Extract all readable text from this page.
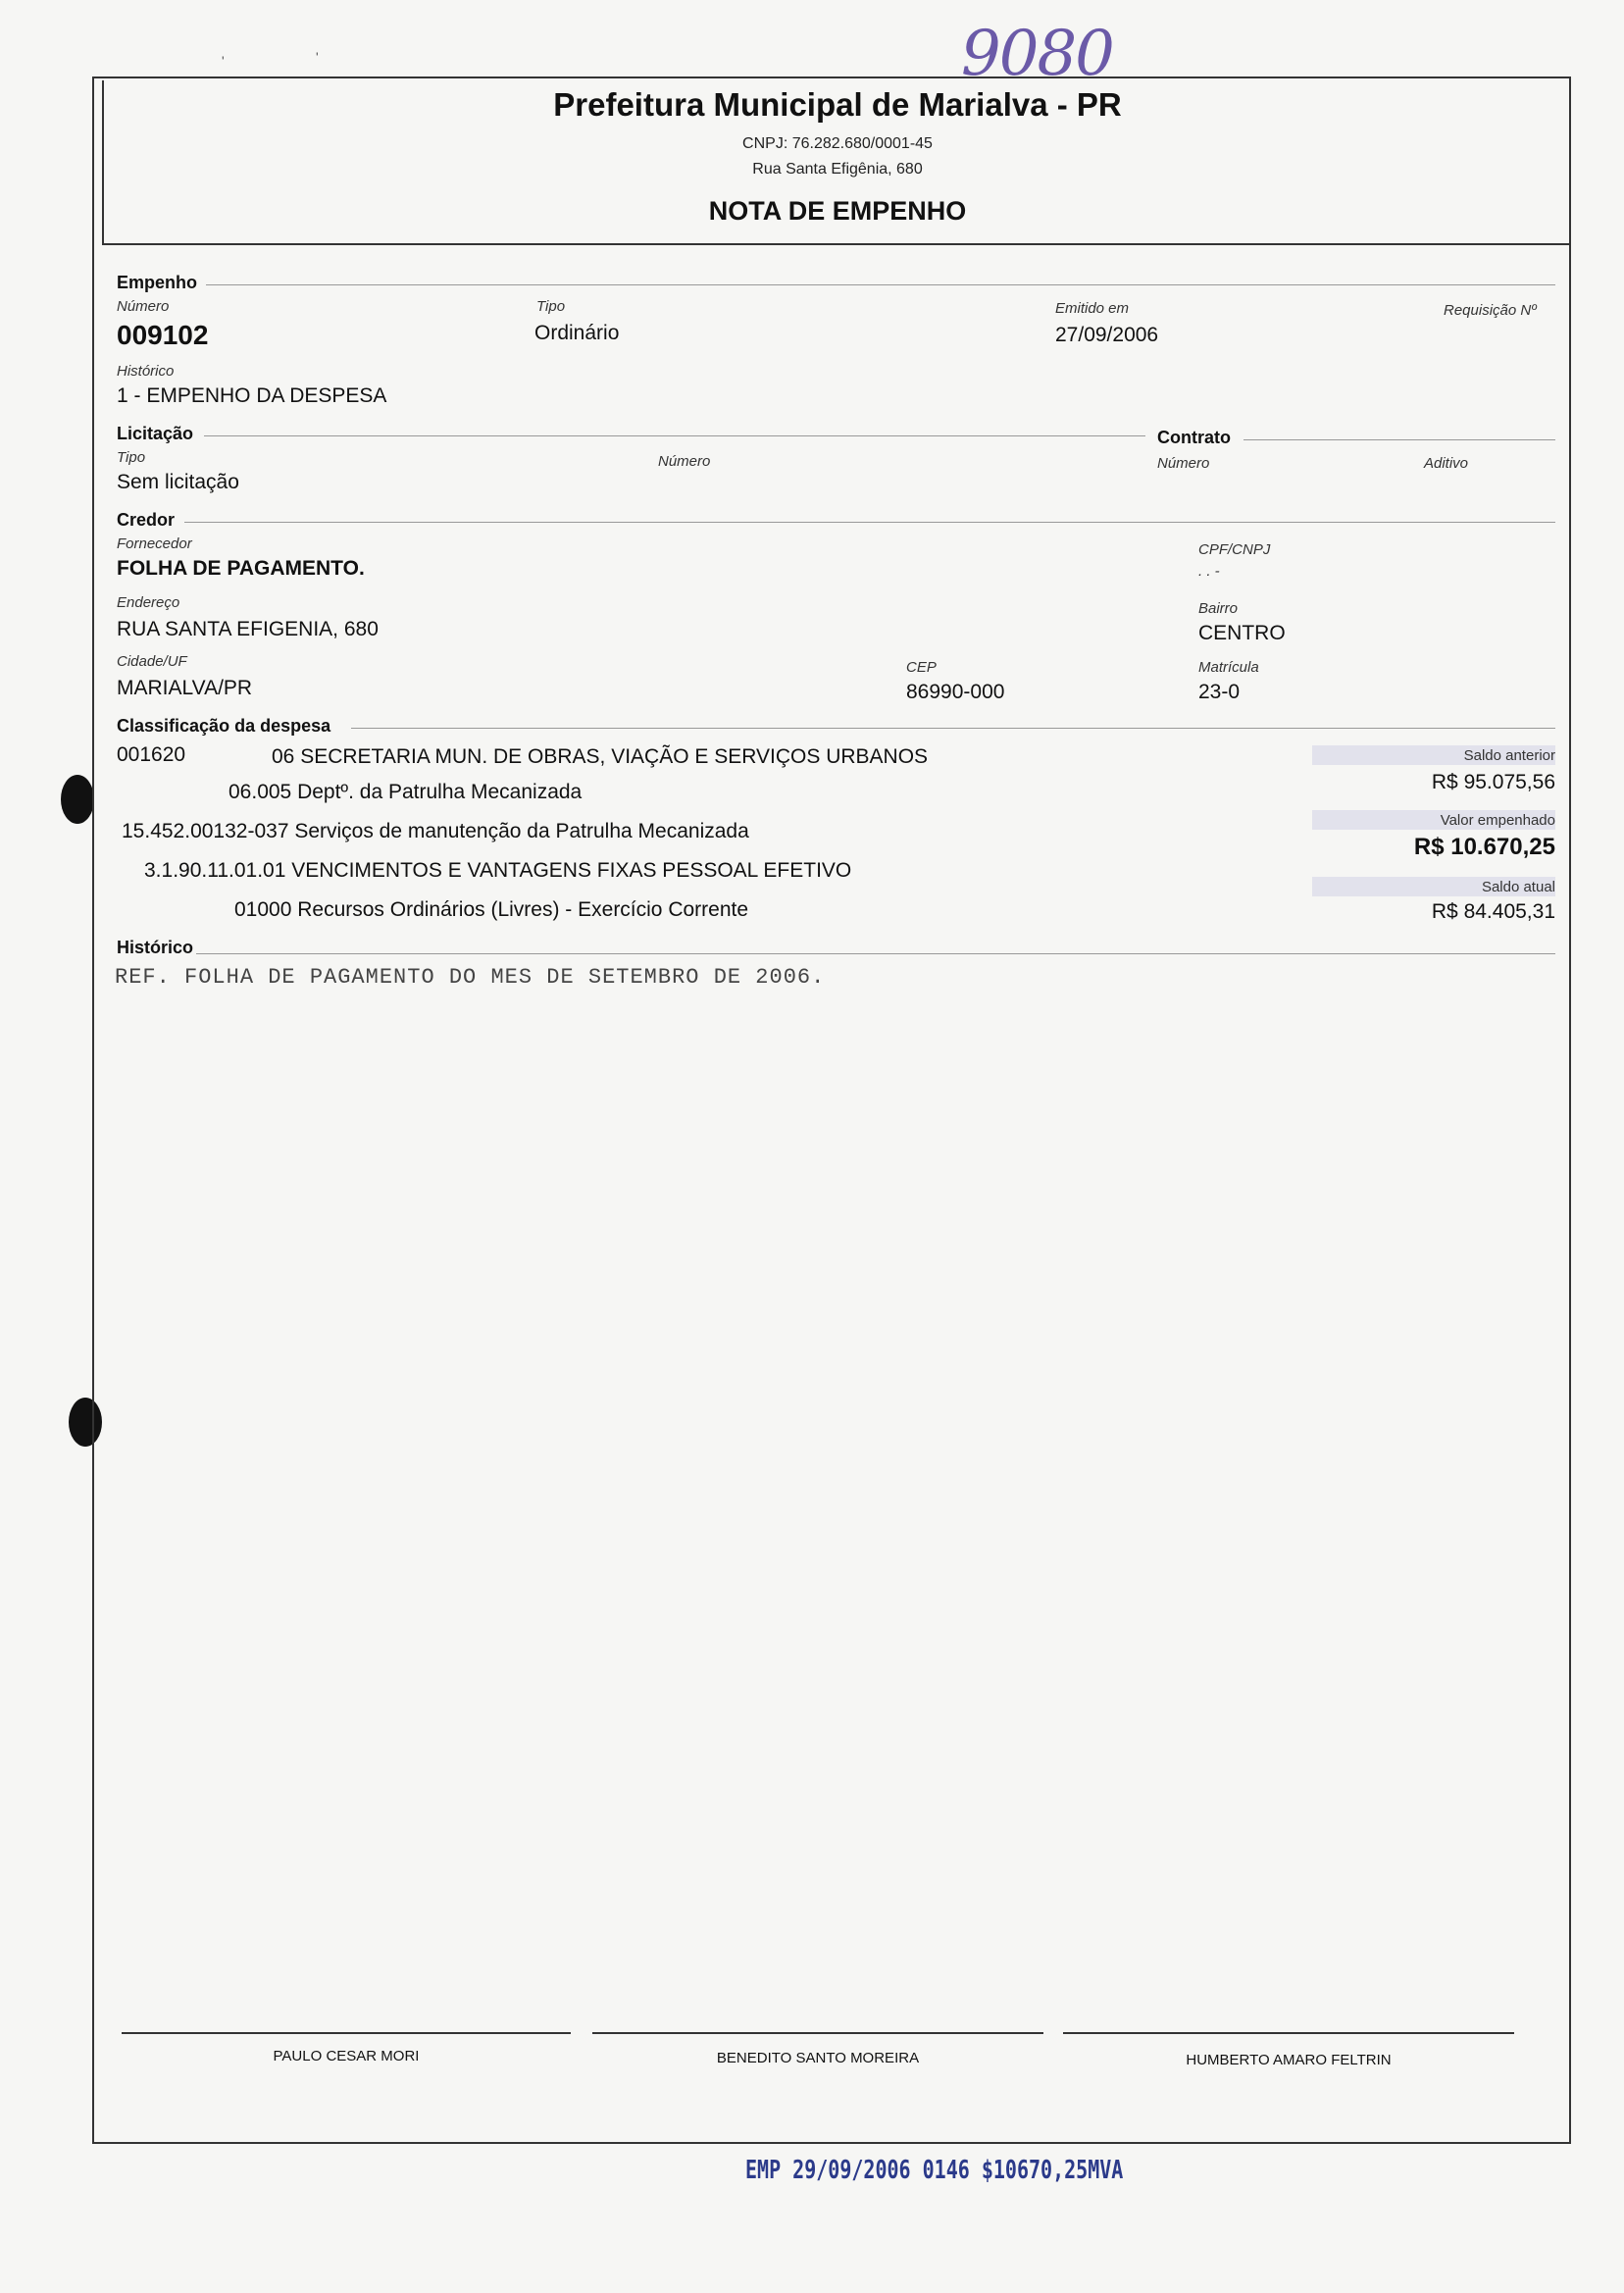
'	'	9080
Prefeitura Municipal de Marialva - PR
CNPJ: 76.282.680/0001-45
Rua Santa Efigênia, 680
NOTA DE EMPENHO
Empenho
Número
009102
Tipo
Ordinário
Emitido em
27/09/2006
Requisição Nº
Histórico
1 - EMPENHO DA DESPESA
Licitação	Contrato
Tipo
Sem licitação
Número	Número	Aditivo
Credor
Fornecedor
FOLHA DE PAGAMENTO.
CPF/CNPJ
. . -
Endereço
RUA SANTA EFIGENIA, 680
Bairro
CENTRO
Cidade/UF
MARIALVA/PR
CEP
86990-000
Matrícula
23-0
Classificação da despesa
001620	06 SECRETARIA MUN. DE OBRAS, VIAÇÃO E SERVIÇOS URBANOS
06.005 Deptº. da Patrulha Mecanizada
15.452.00132-037 Serviços de manutenção da Patrulha Mecanizada
3.1.90.11.01.01 VENCIMENTOS E VANTAGENS FIXAS PESSOAL EFETIVO
01000 Recursos Ordinários (Livres) - Exercício Corrente
Saldo anterior
R$ 95.075,56
Valor empenhado
R$ 10.670,25
Saldo atual
R$ 84.405,31
Histórico
REF. FOLHA DE PAGAMENTO DO MES DE SETEMBRO DE 2006.
PAULO CESAR MORI	BENEDITO SANTO MOREIRA	HUMBERTO AMARO FELTRIN
EMP 29/09/2006 0146 $10670,25MVA
